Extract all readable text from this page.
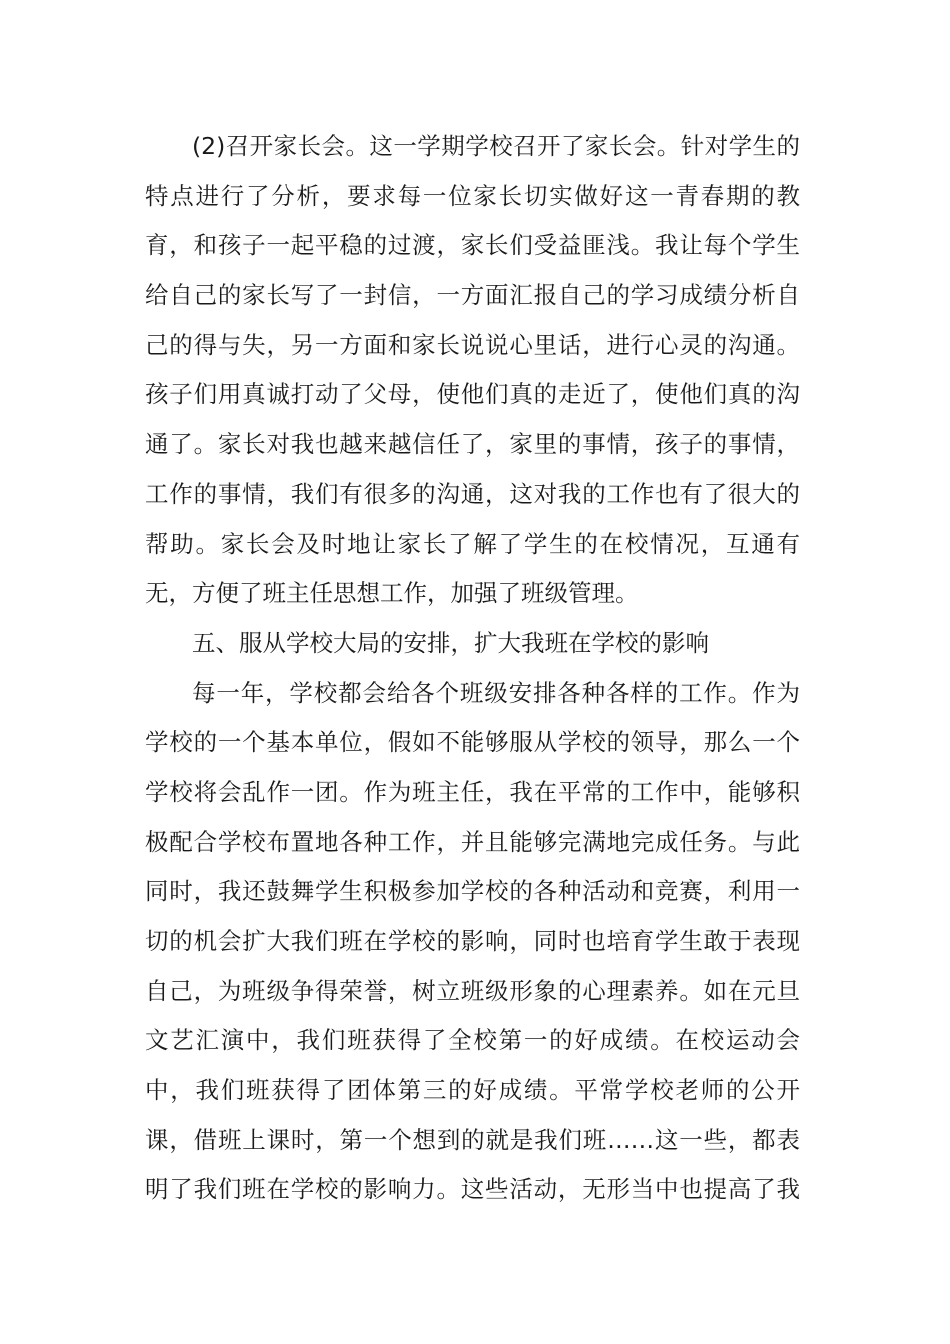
(2)召开家长会。这一学期学校召开了家长会。针对学生的
特点进行了分析，要求每一位家长切实做好这一青春期的教
育，和孩子一起平稳的过渡，家长们受益匪浅。我让每个学生
给自己的家长写了一封信，一方面汇报自己的学习成绩分析自
己的得与失，另一方面和家长说说心里话，进行心灵的沟通。
孩子们用真诚打动了父母，使他们真的走近了，使他们真的沟
通了。家长对我也越来越信任了，家里的事情，孩子的事情，
工作的事情，我们有很多的沟通，这对我的工作也有了很大的
帮助。家长会及时地让家长了解了学生的在校情况，互通有
无，方便了班主任思想工作，加强了班级管理。
五、服从学校大局的安排，扩大我班在学校的影响
每一年，学校都会给各个班级安排各种各样的工作。作为
学校的一个基本单位，假如不能够服从学校的领导，那么一个
学校将会乱作一团。作为班主任，我在平常的工作中，能够积
极配合学校布置地各种工作，并且能够完满地完成任务。与此
同时，我还鼓舞学生积极参加学校的各种活动和竞赛，利用一
切的机会扩大我们班在学校的影响，同时也培育学生敢于表现
自己，为班级争得荣誉，树立班级形象的心理素养。如在元旦
文艺汇演中，我们班获得了全校第一的好成绩。在校运动会
中，我们班获得了团体第三的好成绩。平常学校老师的公开
课，借班上课时，第一个想到的就是我们班……这一些，都表
明了我们班在学校的影响力。这些活动，无形当中也提高了我
